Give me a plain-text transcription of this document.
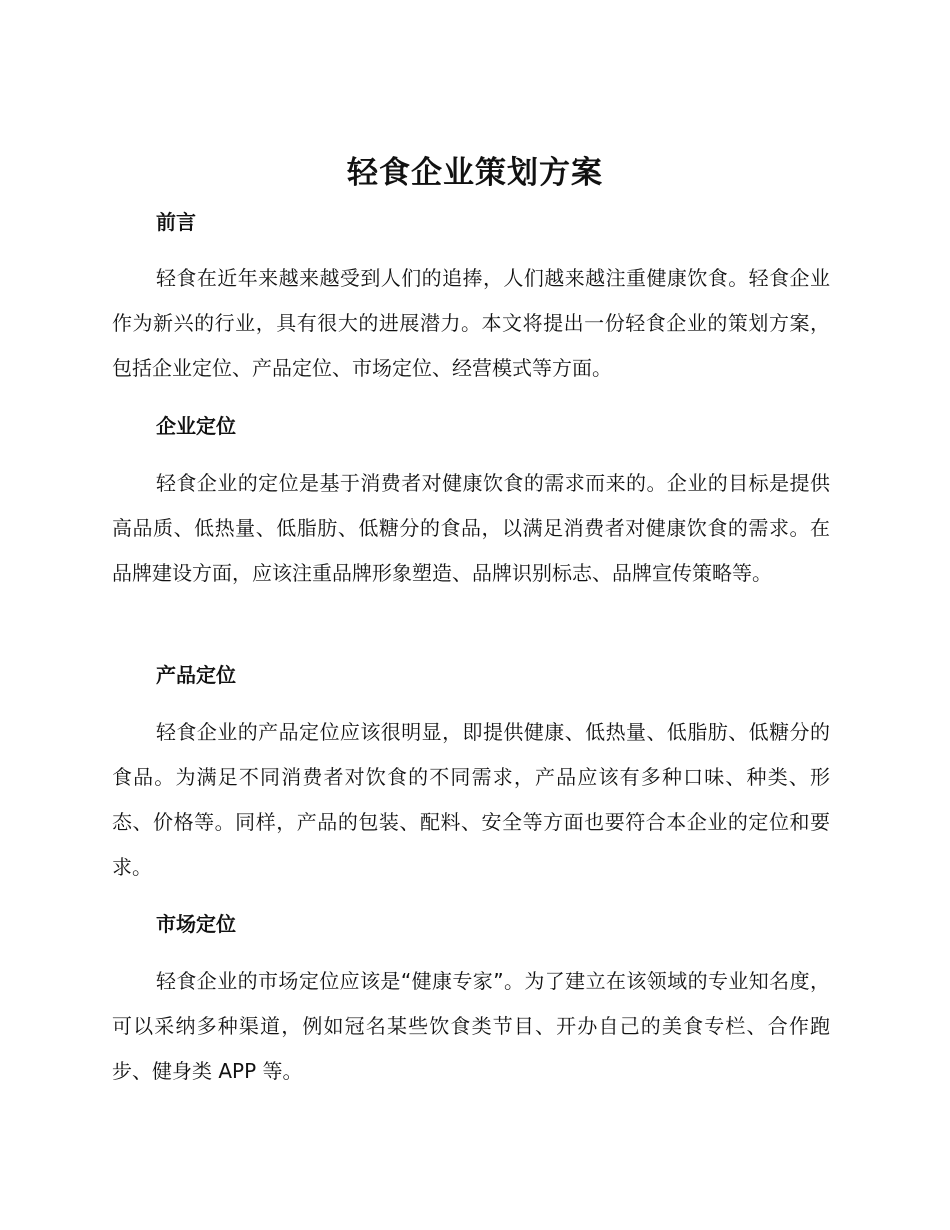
轻食企业策划方案
前言

轻食在近年来越来越受到人们的追捧，人们越来越注重健康饮食。轻食企业作为新兴的行业，具有很大的进展潜力。本文将提出一份轻食企业的策划方案，包括企业定位、产品定位、市场定位、经营模式等方面。

企业定位

轻食企业的定位是基于消费者对健康饮食的需求而来的。企业的目标是提供高品质、低热量、低脂肪、低糖分的食品，以满足消费者对健康饮食的需求。在品牌建设方面，应该注重品牌形象塑造、品牌识别标志、品牌宣传策略等。

产品定位

轻食企业的产品定位应该很明显，即提供健康、低热量、低脂肪、低糖分的食品。为满足不同消费者对饮食的不同需求，产品应该有多种口味、种类、形态、价格等。同样，产品的包装、配料、安全等方面也要符合本企业的定位和要求。

市场定位

轻食企业的市场定位应该是“健康专家”。为了建立在该领域的专业知名度，可以采纳多种渠道，例如冠名某些饮食类节目、开办自己的美食专栏、合作跑步、健身类 APP 等。
